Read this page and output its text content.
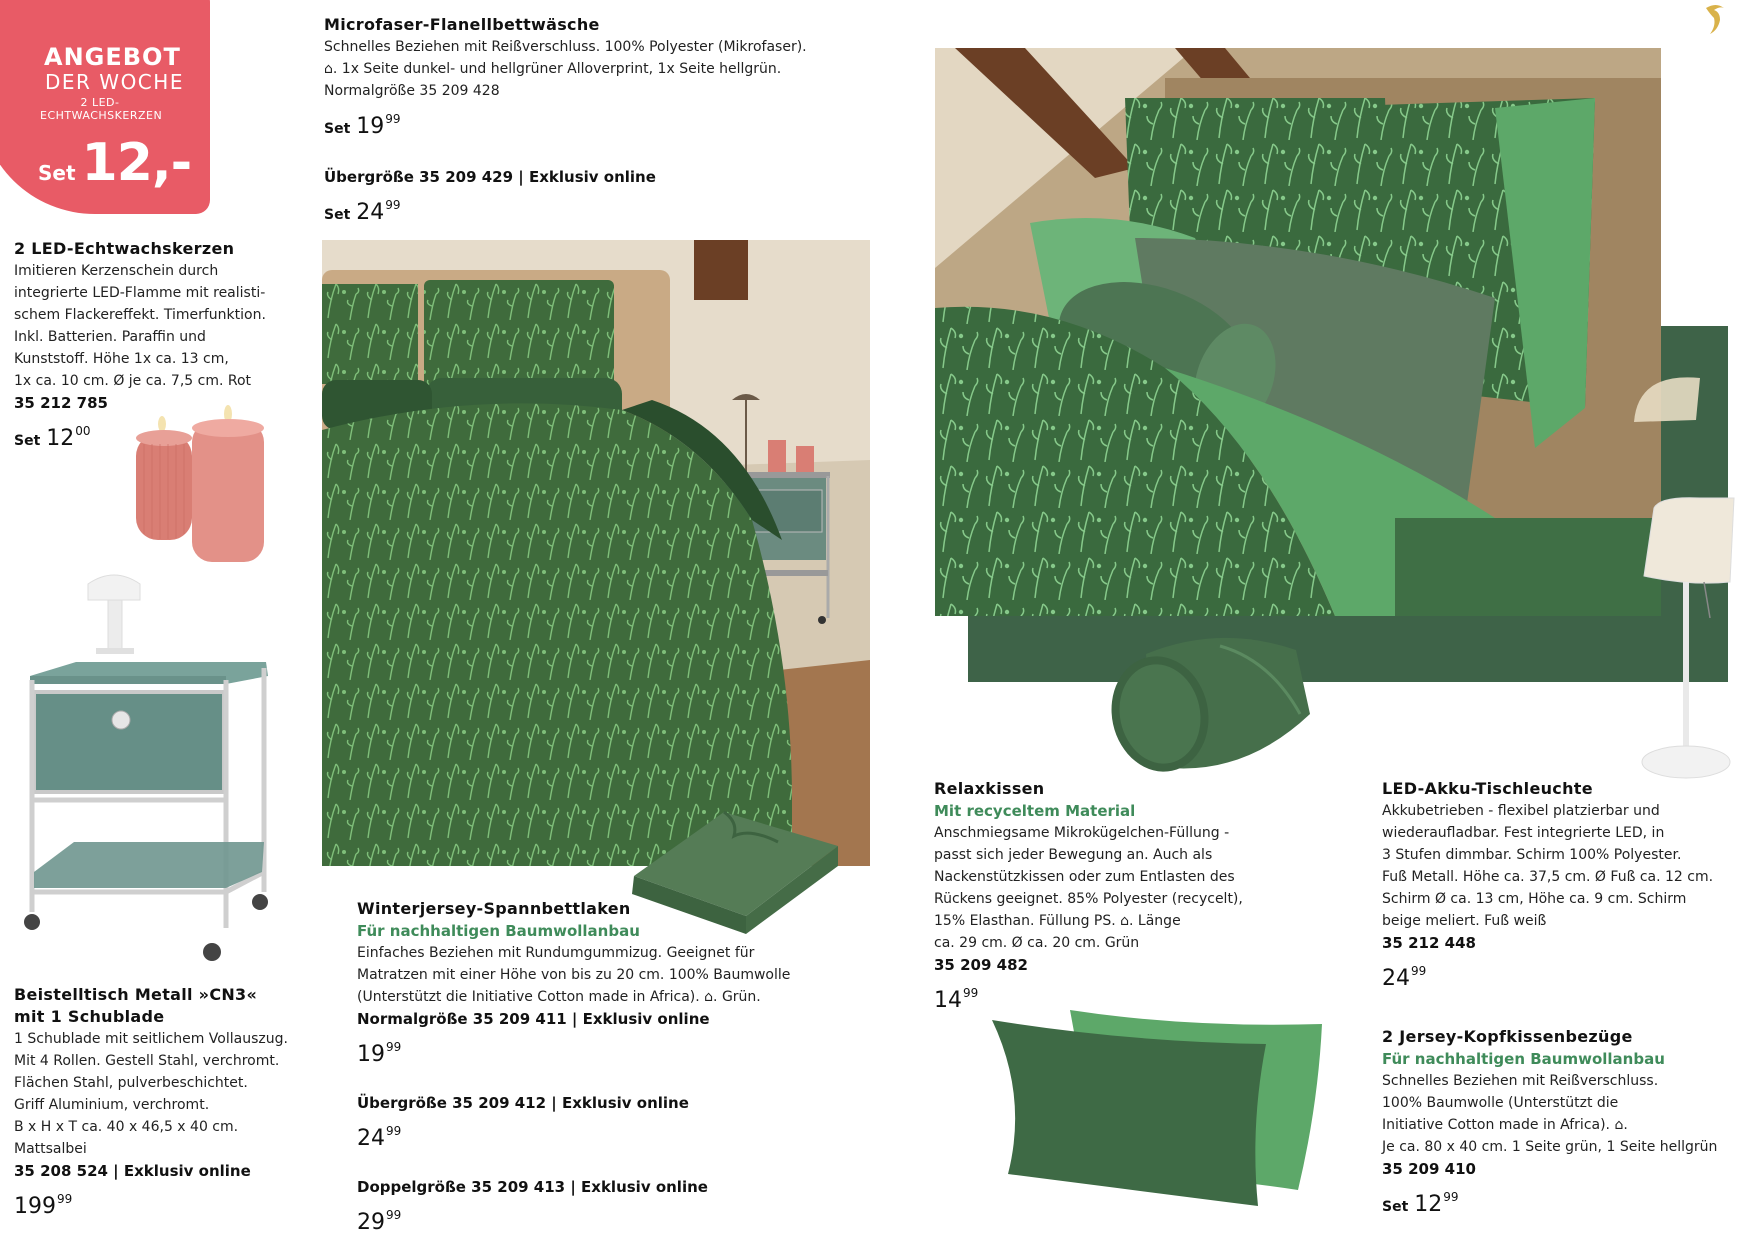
ANGEBOT
DER WOCHE
2 LED-
ECHTWACHSKERZEN
Set 12,-
2 LED-Echtwachskerzen

Imitieren Kerzenschein durch

integrierte LED-Flamme mit realisti-

schem Flackereffekt. Timerfunktion.

Inkl. Batterien. Paraffin und

Kunststoff. Höhe 1x ca. 13 cm,

1x ca. 10 cm. Ø je ca. 7,5 cm. Rot

35 212 785
Set $12^{00}$
Beistelltisch Metall »CN3«
mit 1 Schublade

1 Schublade mit seitlichem Vollauszug.

Mit 4 Rollen. Gestell Stahl, verchromt.

Flächen Stahl, pulverbeschichtet.

Griff Aluminium, verchromt.

B x H x T ca. 40 x 46,5 x 40 cm.

Mattsalbei

35 208 524 | Exklusiv online
$199^{99}$
Microfaser-Flanellbettwäsche

Schnelles Beziehen mit Reißverschluss. 100% Polyester (Mikrofaser).

⌂. 1x Seite dunkel- und hellgrüner Alloverprint, 1x Seite hellgrün.

Normalgröße 35 209 428

Set $19^{99}$
Übergröße 35 209 429 | Exklusiv online
Set $24^{99}$
Winterjersey-Spannbettlaken
Für nachhaltigen Baumwollanbau

Einfaches Beziehen mit Rundumgummizug. Geeignet für

Matratzen mit einer Höhe von bis zu 20 cm. 100% Baumwolle

(Unterstützt die Initiative Cotton made in Africa). ⌂. Grün.

Normalgröße 35 209 411 | Exklusiv online
$19^{99}$
Übergröße 35 209 412 | Exklusiv online
$24^{99}$
Doppelgröße 35 209 413 | Exklusiv online
$29^{99}$
Relaxkissen
Mit recyceltem Material

Anschmiegsame Mikrokügelchen-Füllung -

passt sich jeder Bewegung an. Auch als

Nackenstützkissen oder zum Entlasten des

Rückens geeignet. 85% Polyester (recycelt),

15% Elasthan. Füllung PS. ⌂. Länge

ca. 29 cm. Ø ca. 20 cm. Grün

35 209 482
$14^{99}$
LED-Akku-Tischleuchte

Akkubetrieben - flexibel platzierbar und

wiederaufladbar. Fest integrierte LED, in

3 Stufen dimmbar. Schirm 100% Polyester.

Fuß Metall. Höhe ca. 37,5 cm. Ø Fuß ca. 12 cm.

Schirm Ø ca. 13 cm, Höhe ca. 9 cm. Schirm

beige meliert. Fuß weiß

35 212 448
$24^{99}$
2 Jersey-Kopfkissenbezüge
Für nachhaltigen Baumwollanbau

Schnelles Beziehen mit Reißverschluss.

100% Baumwolle (Unterstützt die

Initiative Cotton made in Africa). ⌂.

Je ca. 80 x 40 cm. 1 Seite grün, 1 Seite hellgrün

35 209 410
Set $12^{99}$
